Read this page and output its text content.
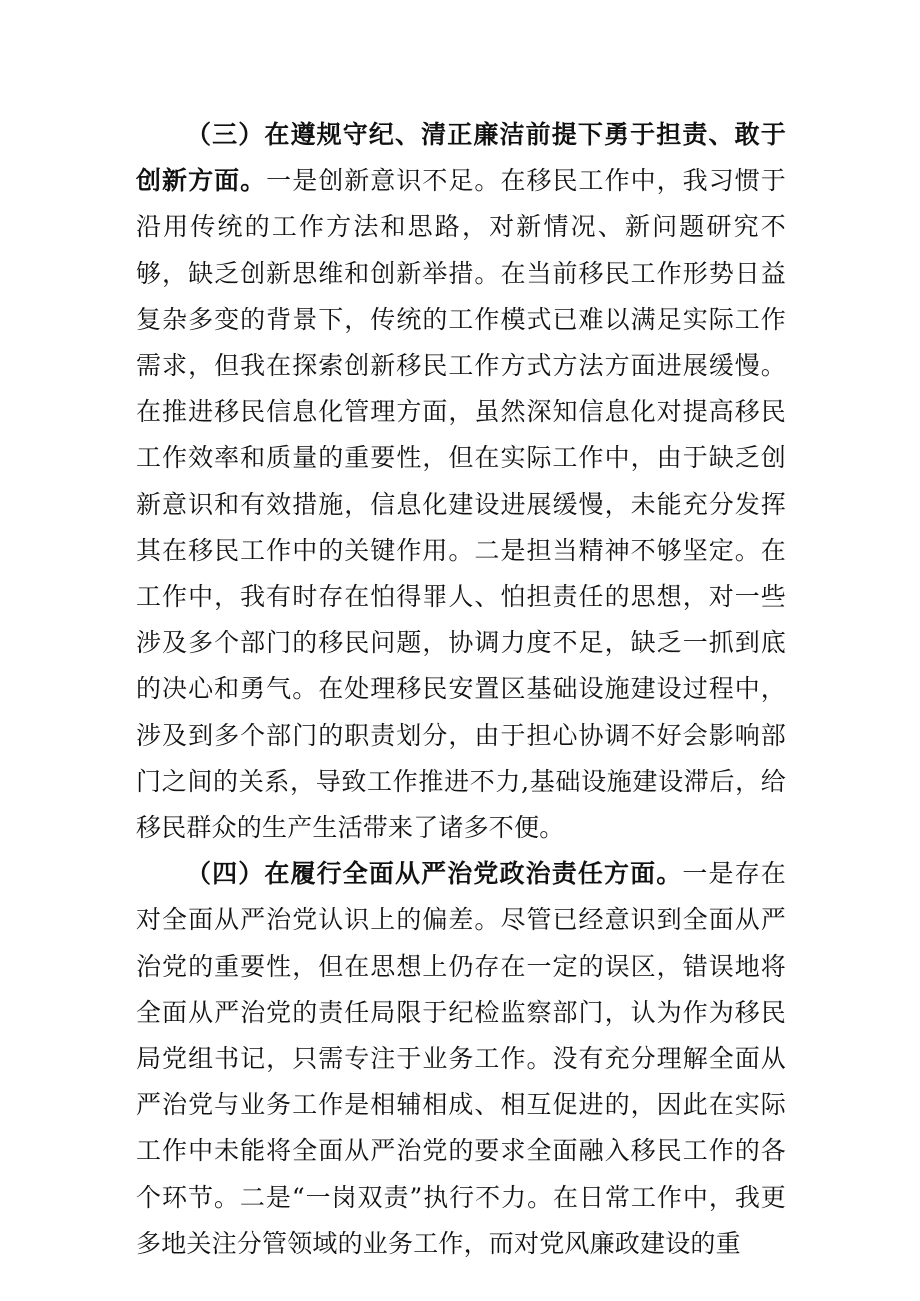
（三）在遵规守纪、清正廉洁前提下勇于担责、敢于创新方面。一是创新意识不足。在移民工作中，我习惯于沿用传统的工作方法和思路，对新情况、新问题研究不够，缺乏创新思维和创新举措。在当前移民工作形势日益复杂多变的背景下，传统的工作模式已难以满足实际工作需求，但我在探索创新移民工作方式方法方面进展缓慢。在推进移民信息化管理方面，虽然深知信息化对提高移民工作效率和质量的重要性，但在实际工作中，由于缺乏创新意识和有效措施，信息化建设进展缓慢，未能充分发挥其在移民工作中的关键作用。二是担当精神不够坚定。在工作中，我有时存在怕得罪人、怕担责任的思想，对一些涉及多个部门的移民问题，协调力度不足，缺乏一抓到底的决心和勇气。在处理移民安置区基础设施建设过程中，涉及到多个部门的职责划分，由于担心协调不好会影响部门之间的关系，导致工作推进不力,基础设施建设滞后，给移民群众的生产生活带来了诸多不便。

（四）在履行全面从严治党政治责任方面。一是存在对全面从严治党认识上的偏差。尽管已经意识到全面从严治党的重要性，但在思想上仍存在一定的误区，错误地将全面从严治党的责任局限于纪检监察部门，认为作为移民局党组书记，只需专注于业务工作。没有充分理解全面从严治党与业务工作是相辅相成、相互促进的，因此在实际工作中未能将全面从严治党的要求全面融入移民工作的各个环节。二是“一岗双责”执行不力。在日常工作中，我更多地关注分管领域的业务工作，而对党风廉政建设的重
